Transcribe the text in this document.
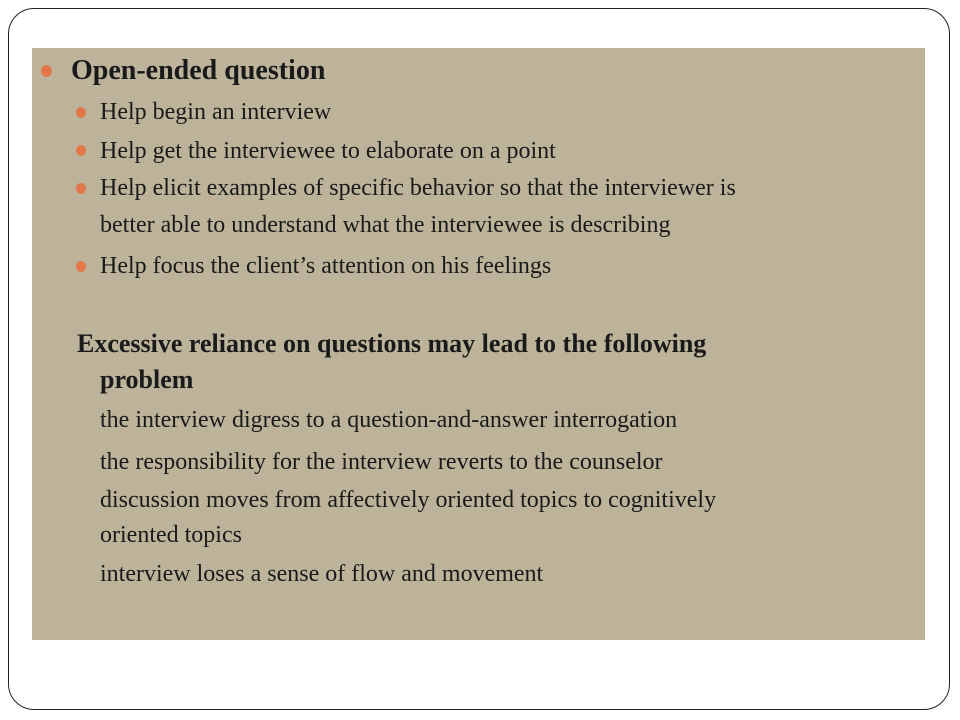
Open-ended question

Help begin an interview

Help get the interviewee to elaborate on a point

Help elicit examples of specific behavior so that the interviewer is

better able to understand what the interviewee is describing

Help focus the client’s attention on his feelings

Excessive reliance on questions may lead to the following

problem

the interview digress to a question-and-answer interrogation

the responsibility for the interview reverts to the counselor

discussion moves from affectively oriented topics to cognitively

oriented topics

interview loses a sense of flow and movement
